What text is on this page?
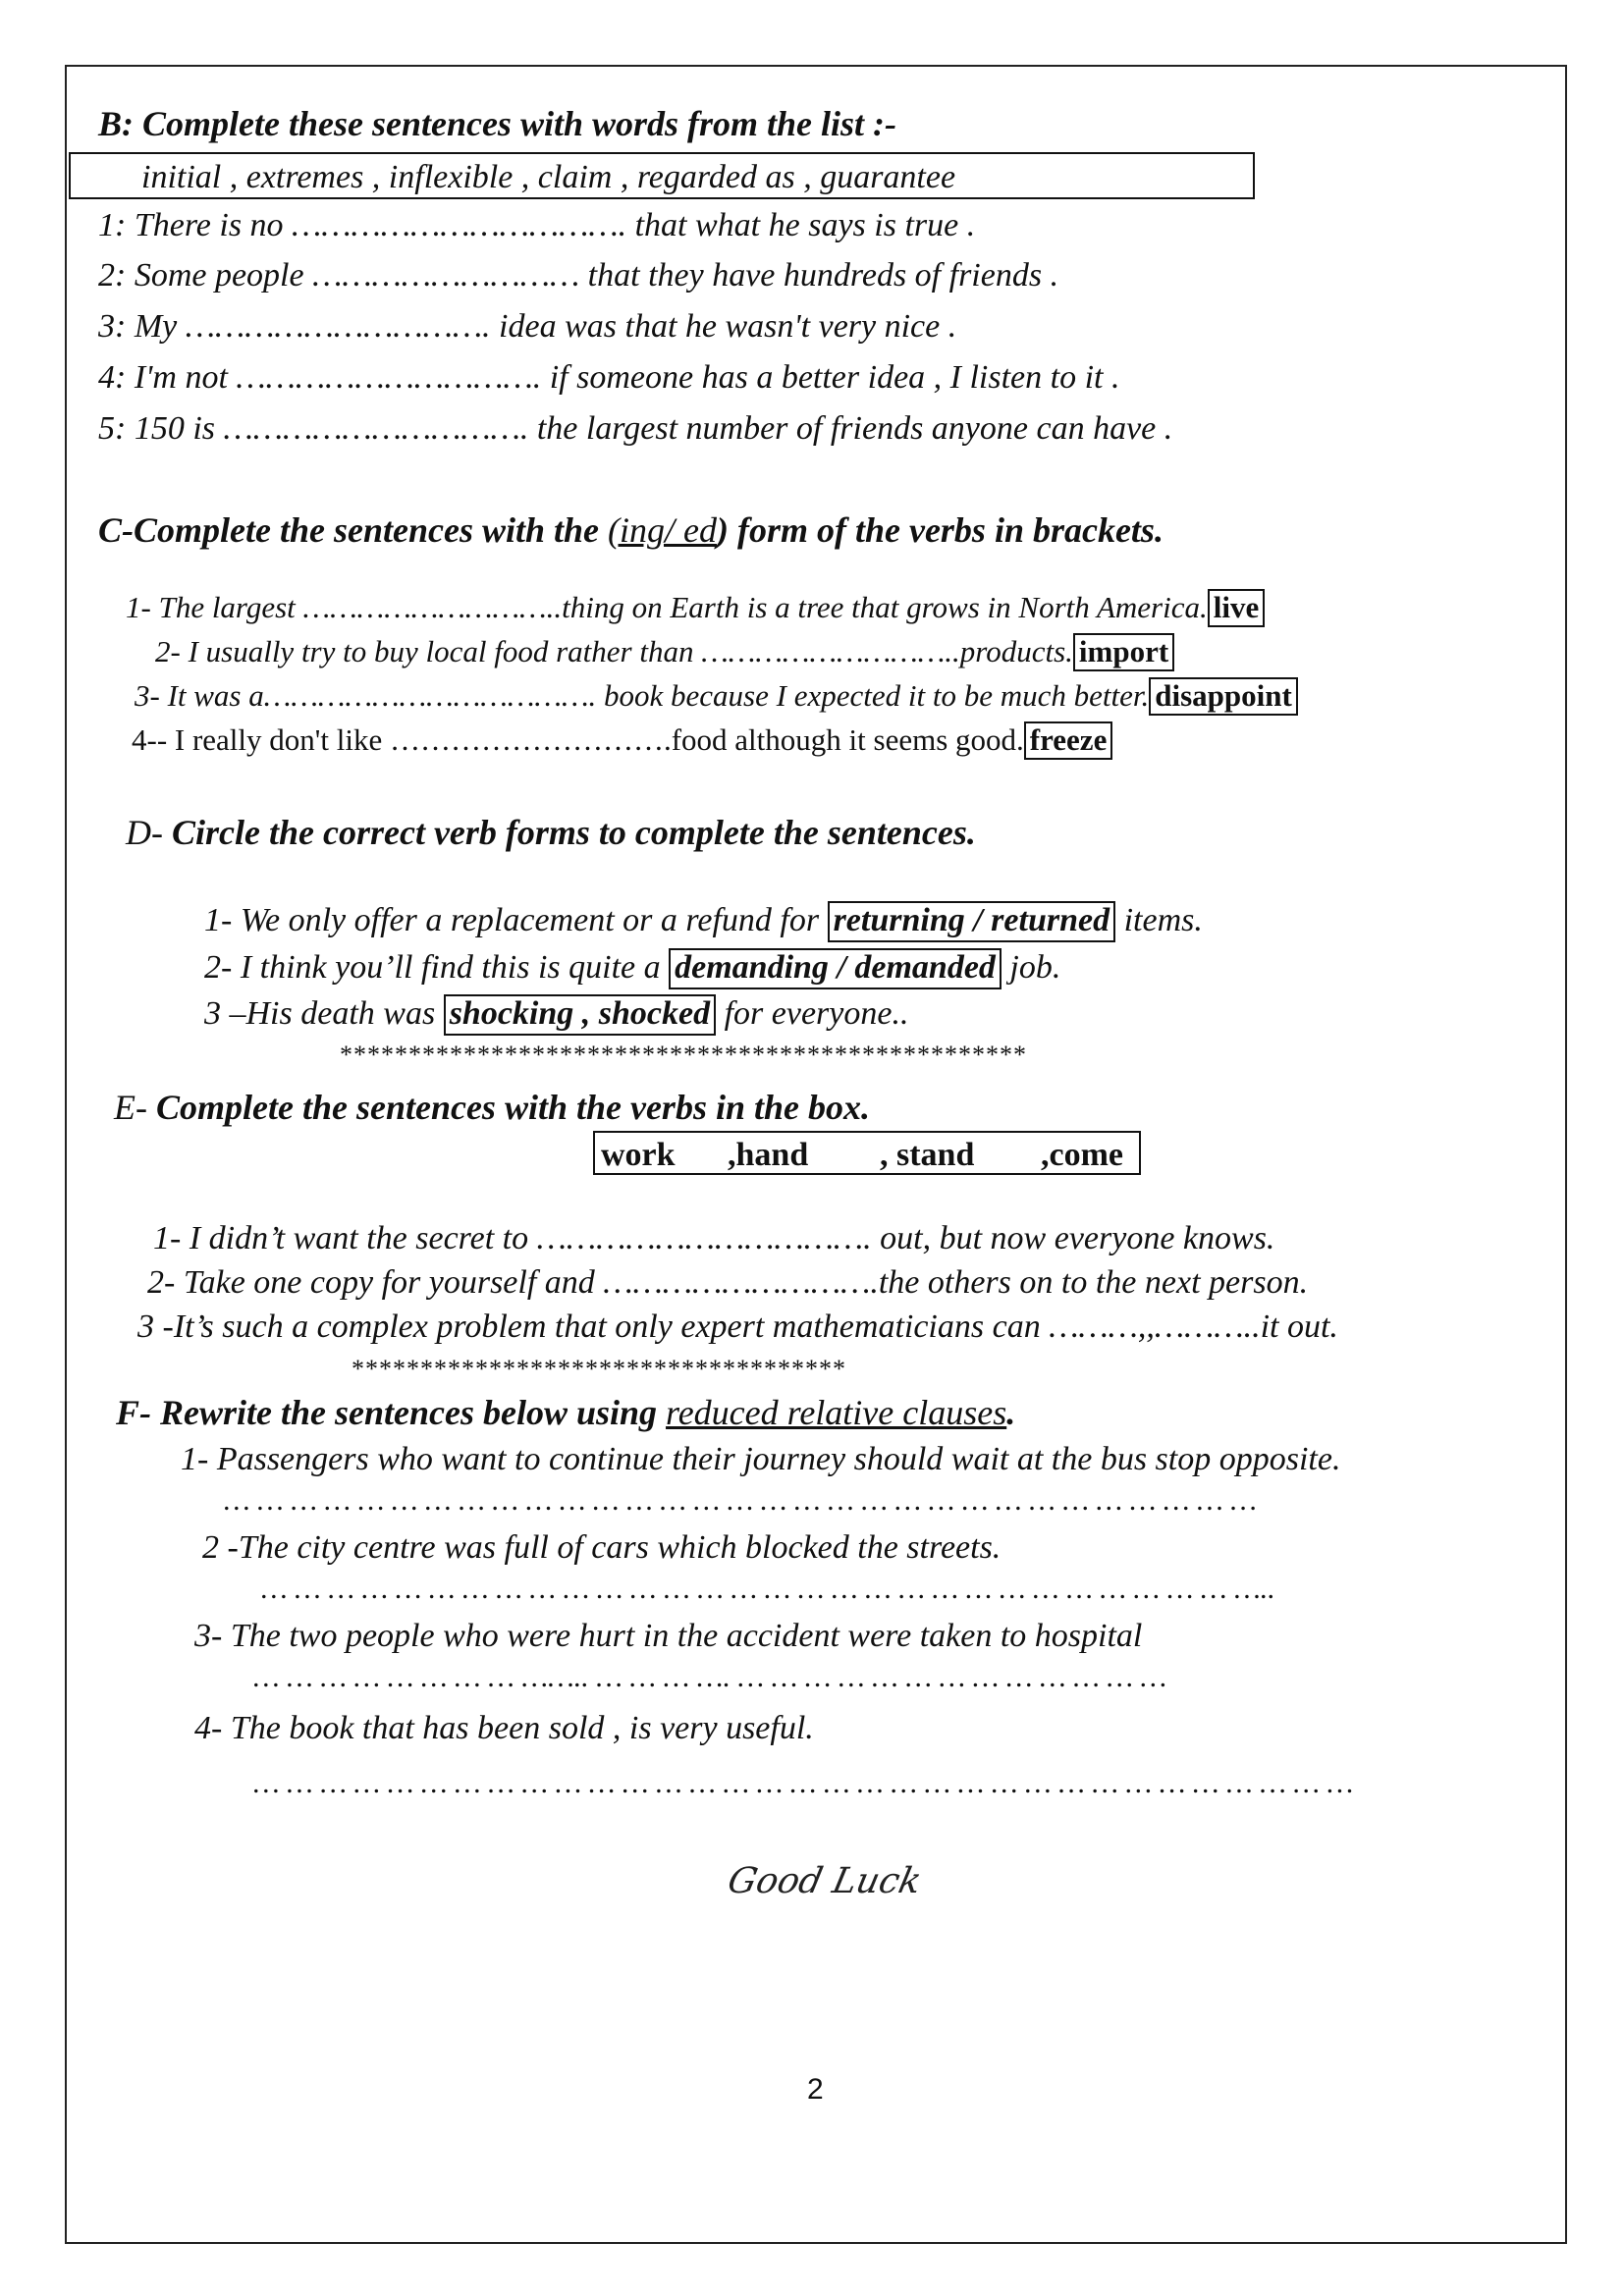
B: Complete these sentences with words from the list :-
initial , extremes , inflexible , claim , regarded as , guarantee
1: There is no ……………………………. that what he says is true .
2: Some people ……………………… that they have hundreds of friends .
3: My …………………………. idea was that he wasn't very nice .
4: I'm not …………………………. if someone has a better idea , I listen to it .
5: 150 is …………………………. the largest number of friends anyone can have .
C-Complete the sentences with the (ing/ ed) form of the verbs in brackets.
1- The largest ………………………..thing on Earth is a tree that grows in North America. live
2- I usually try to buy local food rather than ………………………..products. import
3- It was a………………………………. book because I expected it to be much better. disappoint
4-- I really don't like ……………………….food although it seems good. freeze
D- Circle the correct verb forms to complete the sentences.
1- We only offer a replacement or a refund for returning / returned items.
2- I think you’ll find this is quite a demanding / demanded job.
3 –His death was shocking , shocked for everyone..
**************************************************
E- Complete the sentences with the verbs in the box.
work ,hand , stand ,come
1- I didn’t want the secret to ……………………………. out, but now everyone knows.
2- Take one copy for yourself and ……………………….the others on to the next person.
3 -It’s such a complex problem that only expert mathematicians can ………,,………..it out.
************************************
F- Rewrite the sentences below using reduced relative clauses.
1- Passengers who want to continue their journey should wait at the bus stop opposite.
… … … … … … … … … … … … … … … … … … … … … … … … … … … … … … …
2 -The city centre was full of cars which blocked the streets.
… … … … … … … … … … … … … … … … … … … … … … … … … … … … … …..
3- The two people who were hurt in the accident were taken to hospital
… … … … … … … … …….. … … … …. … … … … … … … … … … … … …
4- The book that has been sold , is very useful.
… … … … … … … … … … … … … … … … … … … … … … … … … … … … … … … … …
Good Luck
2
